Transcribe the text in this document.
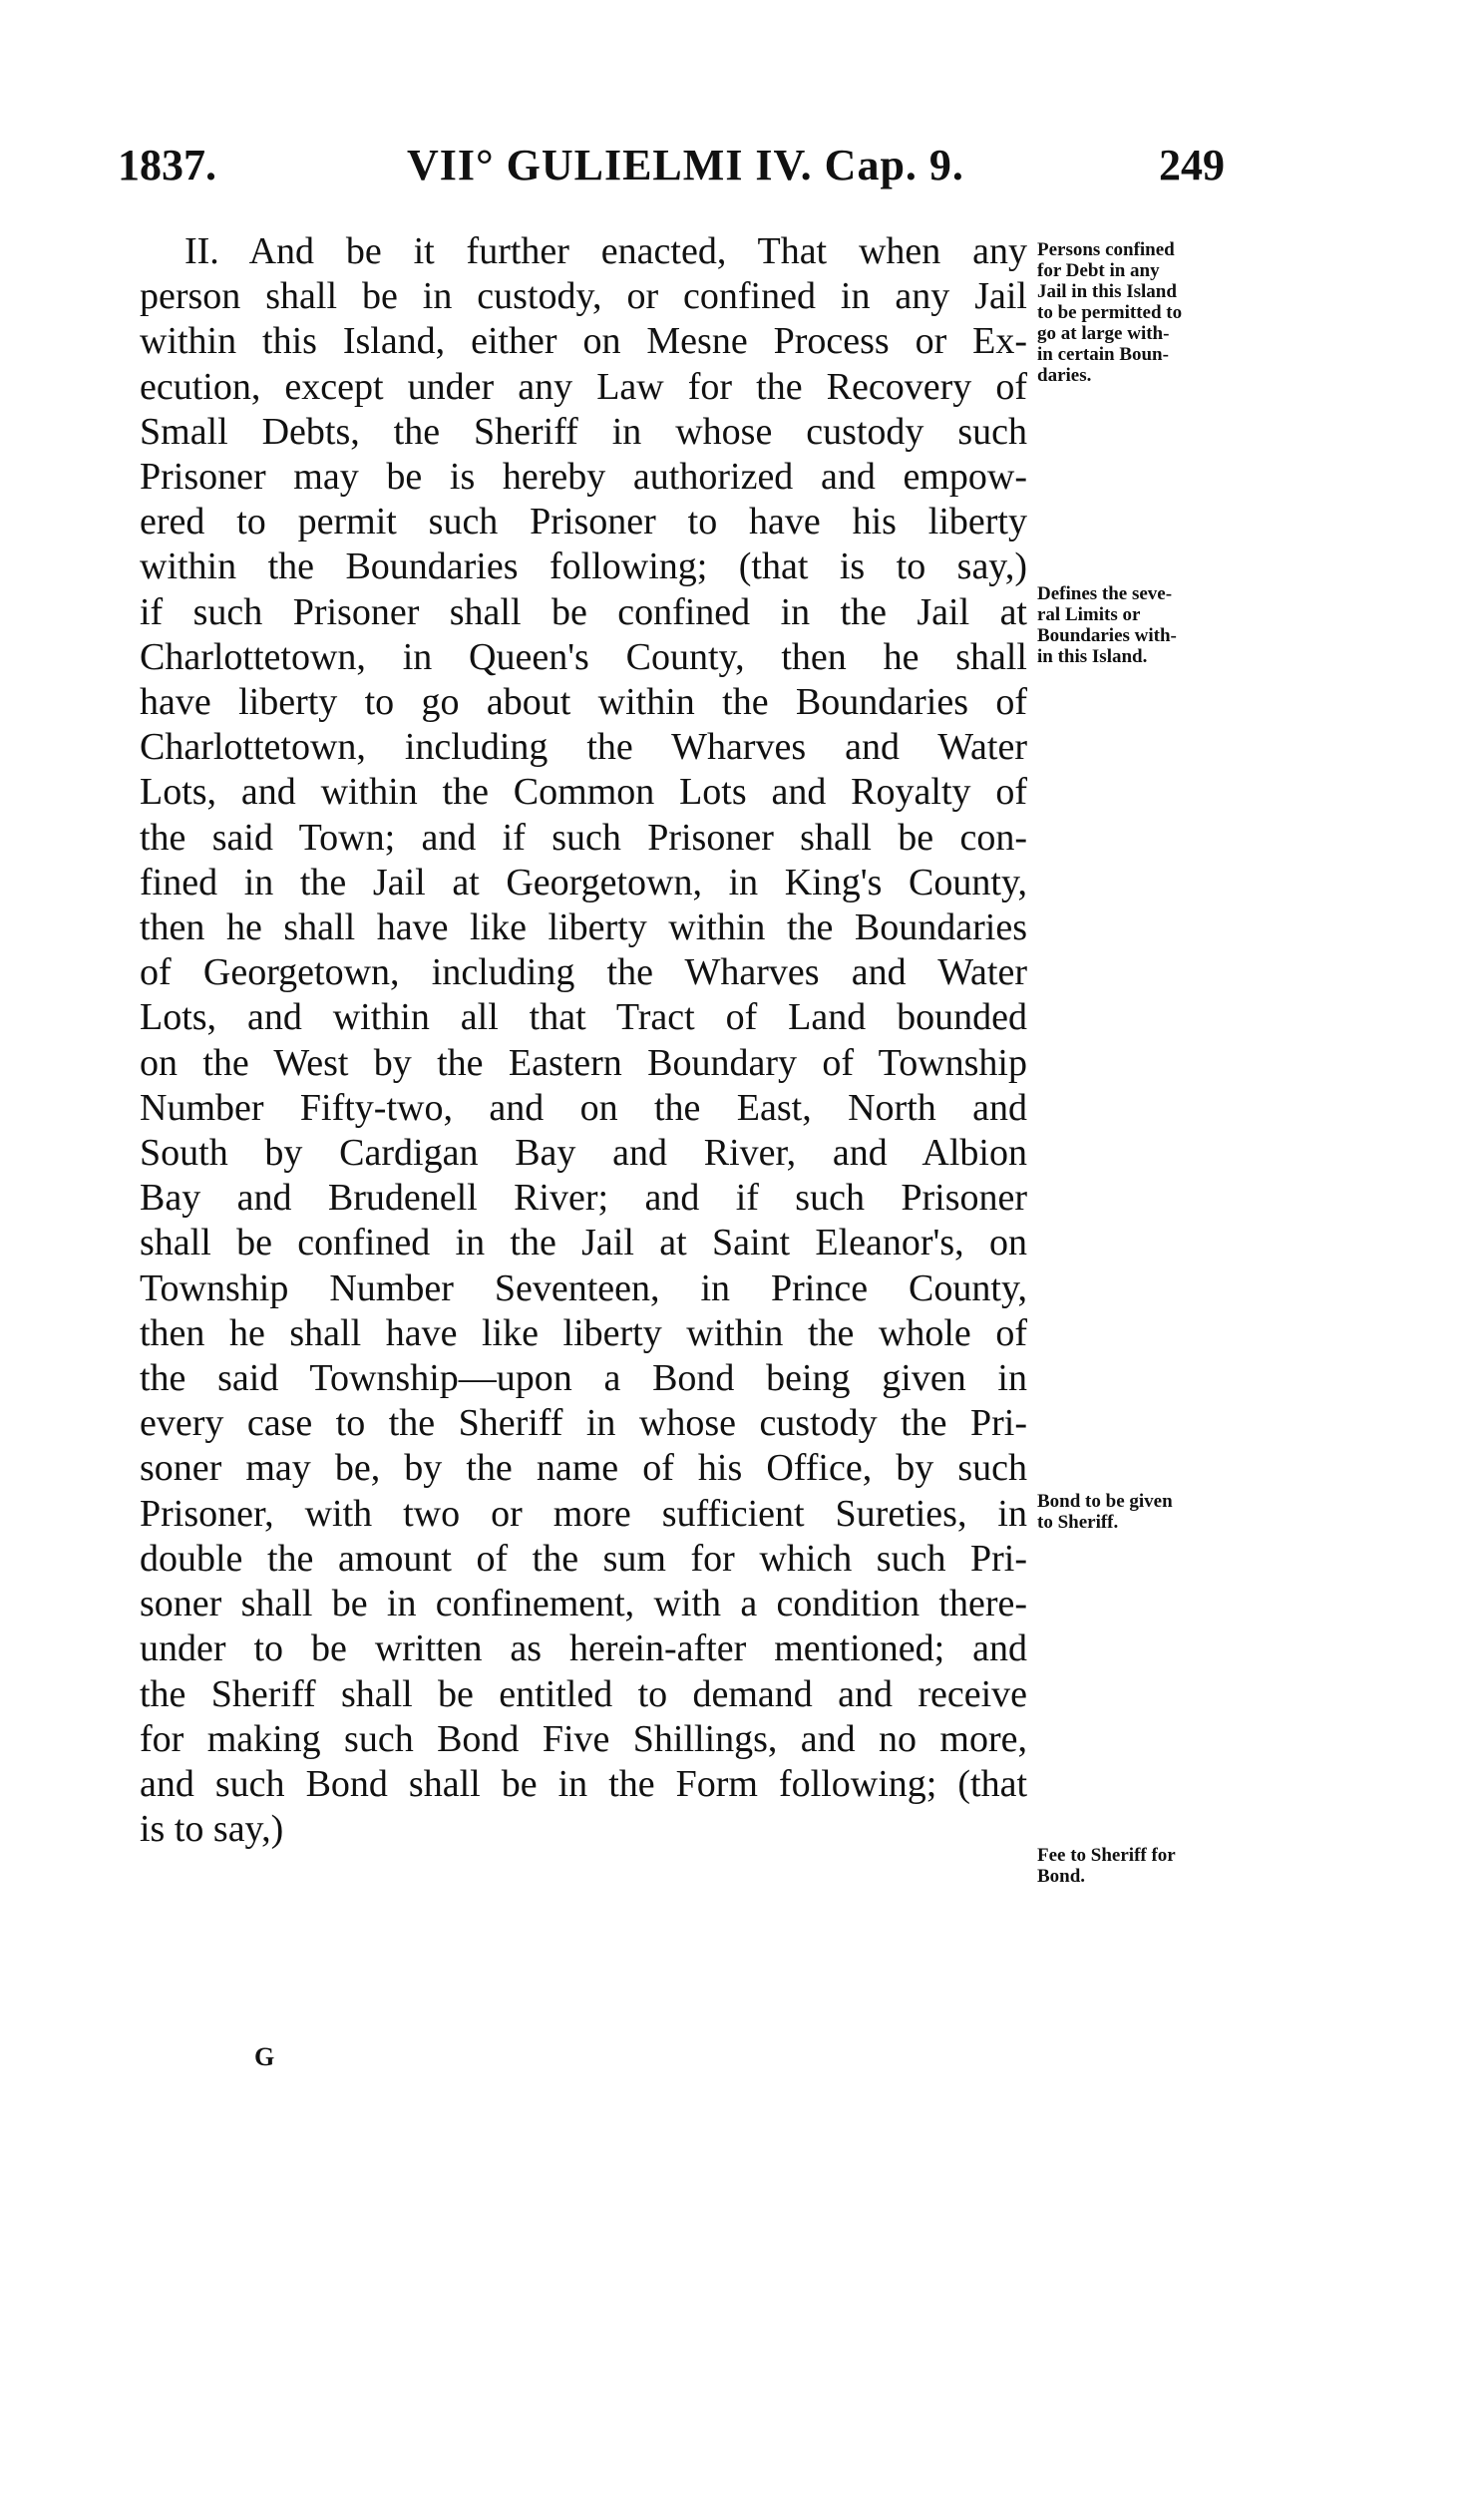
1837.	VII° GULIELMI IV. Cap. 9.	249
II. And be it further enacted, That when any
person shall be in custody, or confined in any Jail
within this Island, either on Mesne Process or Ex-
ecution, except under any Law for the Recovery of
Small Debts, the Sheriff in whose custody such
Prisoner may be is hereby authorized and empow-
ered to permit such Prisoner to have his liberty
within the Boundaries following; (that is to say,)
if such Prisoner shall be confined in the Jail at
Charlottetown, in Queen's County, then he shall
have liberty to go about within the Boundaries of
Charlottetown, including the Wharves and Water
Lots, and within the Common Lots and Royalty of
the said Town; and if such Prisoner shall be con-
fined in the Jail at Georgetown, in King's County,
then he shall have like liberty within the Boundaries
of Georgetown, including the Wharves and Water
Lots, and within all that Tract of Land bounded
on the West by the Eastern Boundary of Township
Number Fifty-two, and on the East, North and
South by Cardigan Bay and River, and Albion
Bay and Brudenell River; and if such Prisoner
shall be confined in the Jail at Saint Eleanor's, on
Township Number Seventeen, in Prince County,
then he shall have like liberty within the whole of
the said Township—upon a Bond being given in
every case to the Sheriff in whose custody the Pri-
soner may be, by the name of his Office, by such
Prisoner, with two or more sufficient Sureties, in
double the amount of the sum for which such Pri-
soner shall be in confinement, with a condition there-
under to be written as herein-after mentioned; and
the Sheriff shall be entitled to demand and receive
for making such Bond Five Shillings, and no more,
and such Bond shall be in the Form following; (that
is to say,)
Persons confined
for Debt in any
Jail in this Island
to be permitted to
go at large with-
in certain Boun-
daries.
Defines the seve-
ral Limits or
Boundaries with-
in this Island.
Bond to be given
to Sheriff.
Fee to Sheriff for
Bond.
G
